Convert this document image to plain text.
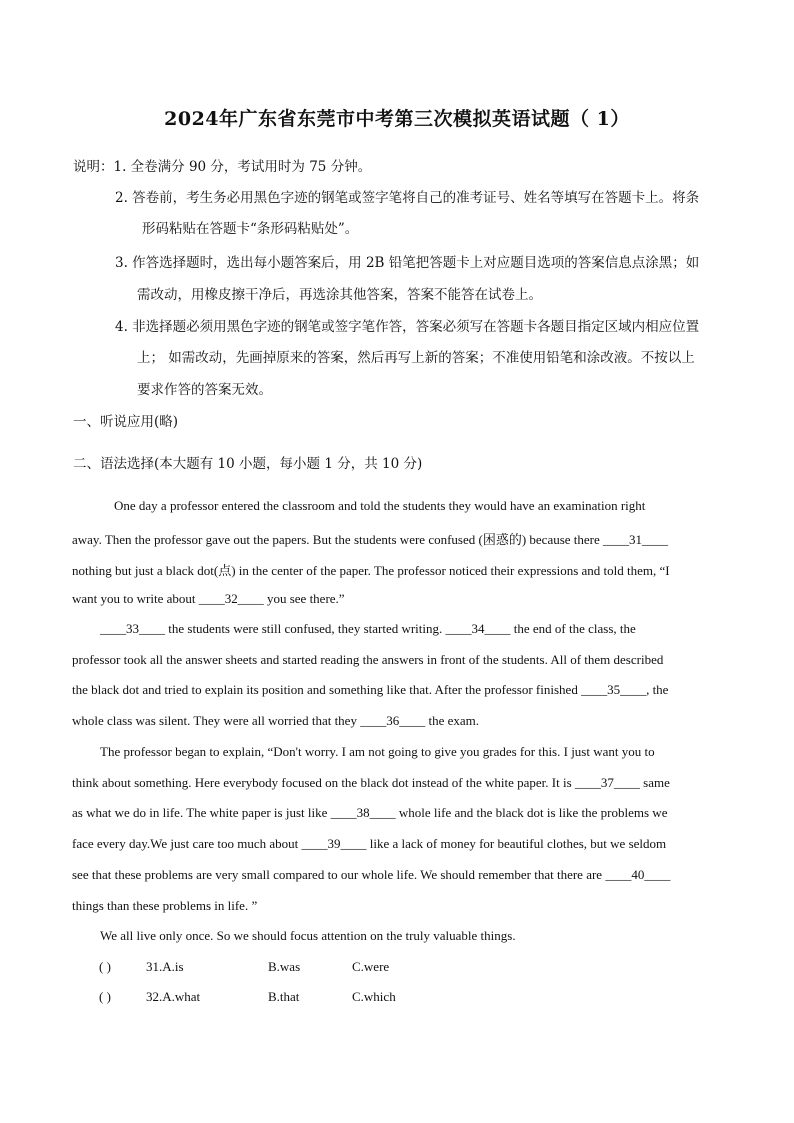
2024年广东省东莞市中考第三次模拟英语试题（ 1）
说明：1. 全卷满分 90 分，考试用时为 75 分钟。
2. 答卷前，考生务必用黑色字迹的钢笔或签字笔将自己的准考证号、姓名等填写在答题卡上。将条
形码粘贴在答题卡“条形码粘贴处”。
3. 作答选择题时，选出每小题答案后，用 2B 铅笔把答题卡上对应题目选项的答案信息点涂黑；如
需改动，用橡皮擦干净后，再选涂其他答案，答案不能答在试卷上。
4. 非选择题必须用黑色字迹的钢笔或签字笔作答，答案必须写在答题卡各题目指定区域内相应位置
上； 如需改动，先画掉原来的答案，然后再写上新的答案；不准使用铅笔和涂改液。不按以上
要求作答的答案无效。
一、听说应用(略)
二、语法选择(本大题有 10 小题，每小题 1 分，共 10 分)
One day a professor entered the classroom and told the students they would have an examination right
away. Then the professor gave out the papers. But the students were confused (困惑的) because there ____31____
nothing but just a black dot(点) in the center of the paper. The professor noticed their expressions and told them, “I
want you to write about ____32____ you see there.”
____33____ the students were still confused, they started writing. ____34____ the end of the class, the
professor took all the answer sheets and started reading the answers in front of the students. All of them described
the black dot and tried to explain its position and something like that. After the professor finished ____35____, the
whole class was silent. They were all worried that they ____36____ the exam.
The professor began to explain, “Don't worry. I am not going to give you grades for this. I just want you to
think about something. Here everybody focused on the black dot instead of the white paper. It is ____37____ same
as what we do in life. The white paper is just like ____38____ whole life and the black dot is like the problems we
face every day.We just care too much about ____39____ like a lack of money for beautiful clothes, but we seldom
see that these problems are very small compared to our whole life. We should remember that there are ____40____
things than these problems in life. ”
We all live only once. So we should focus attention on the truly valuable things.
( )	31.A.is	B.was	C.were
( )	32.A.what	B.that	C.which
